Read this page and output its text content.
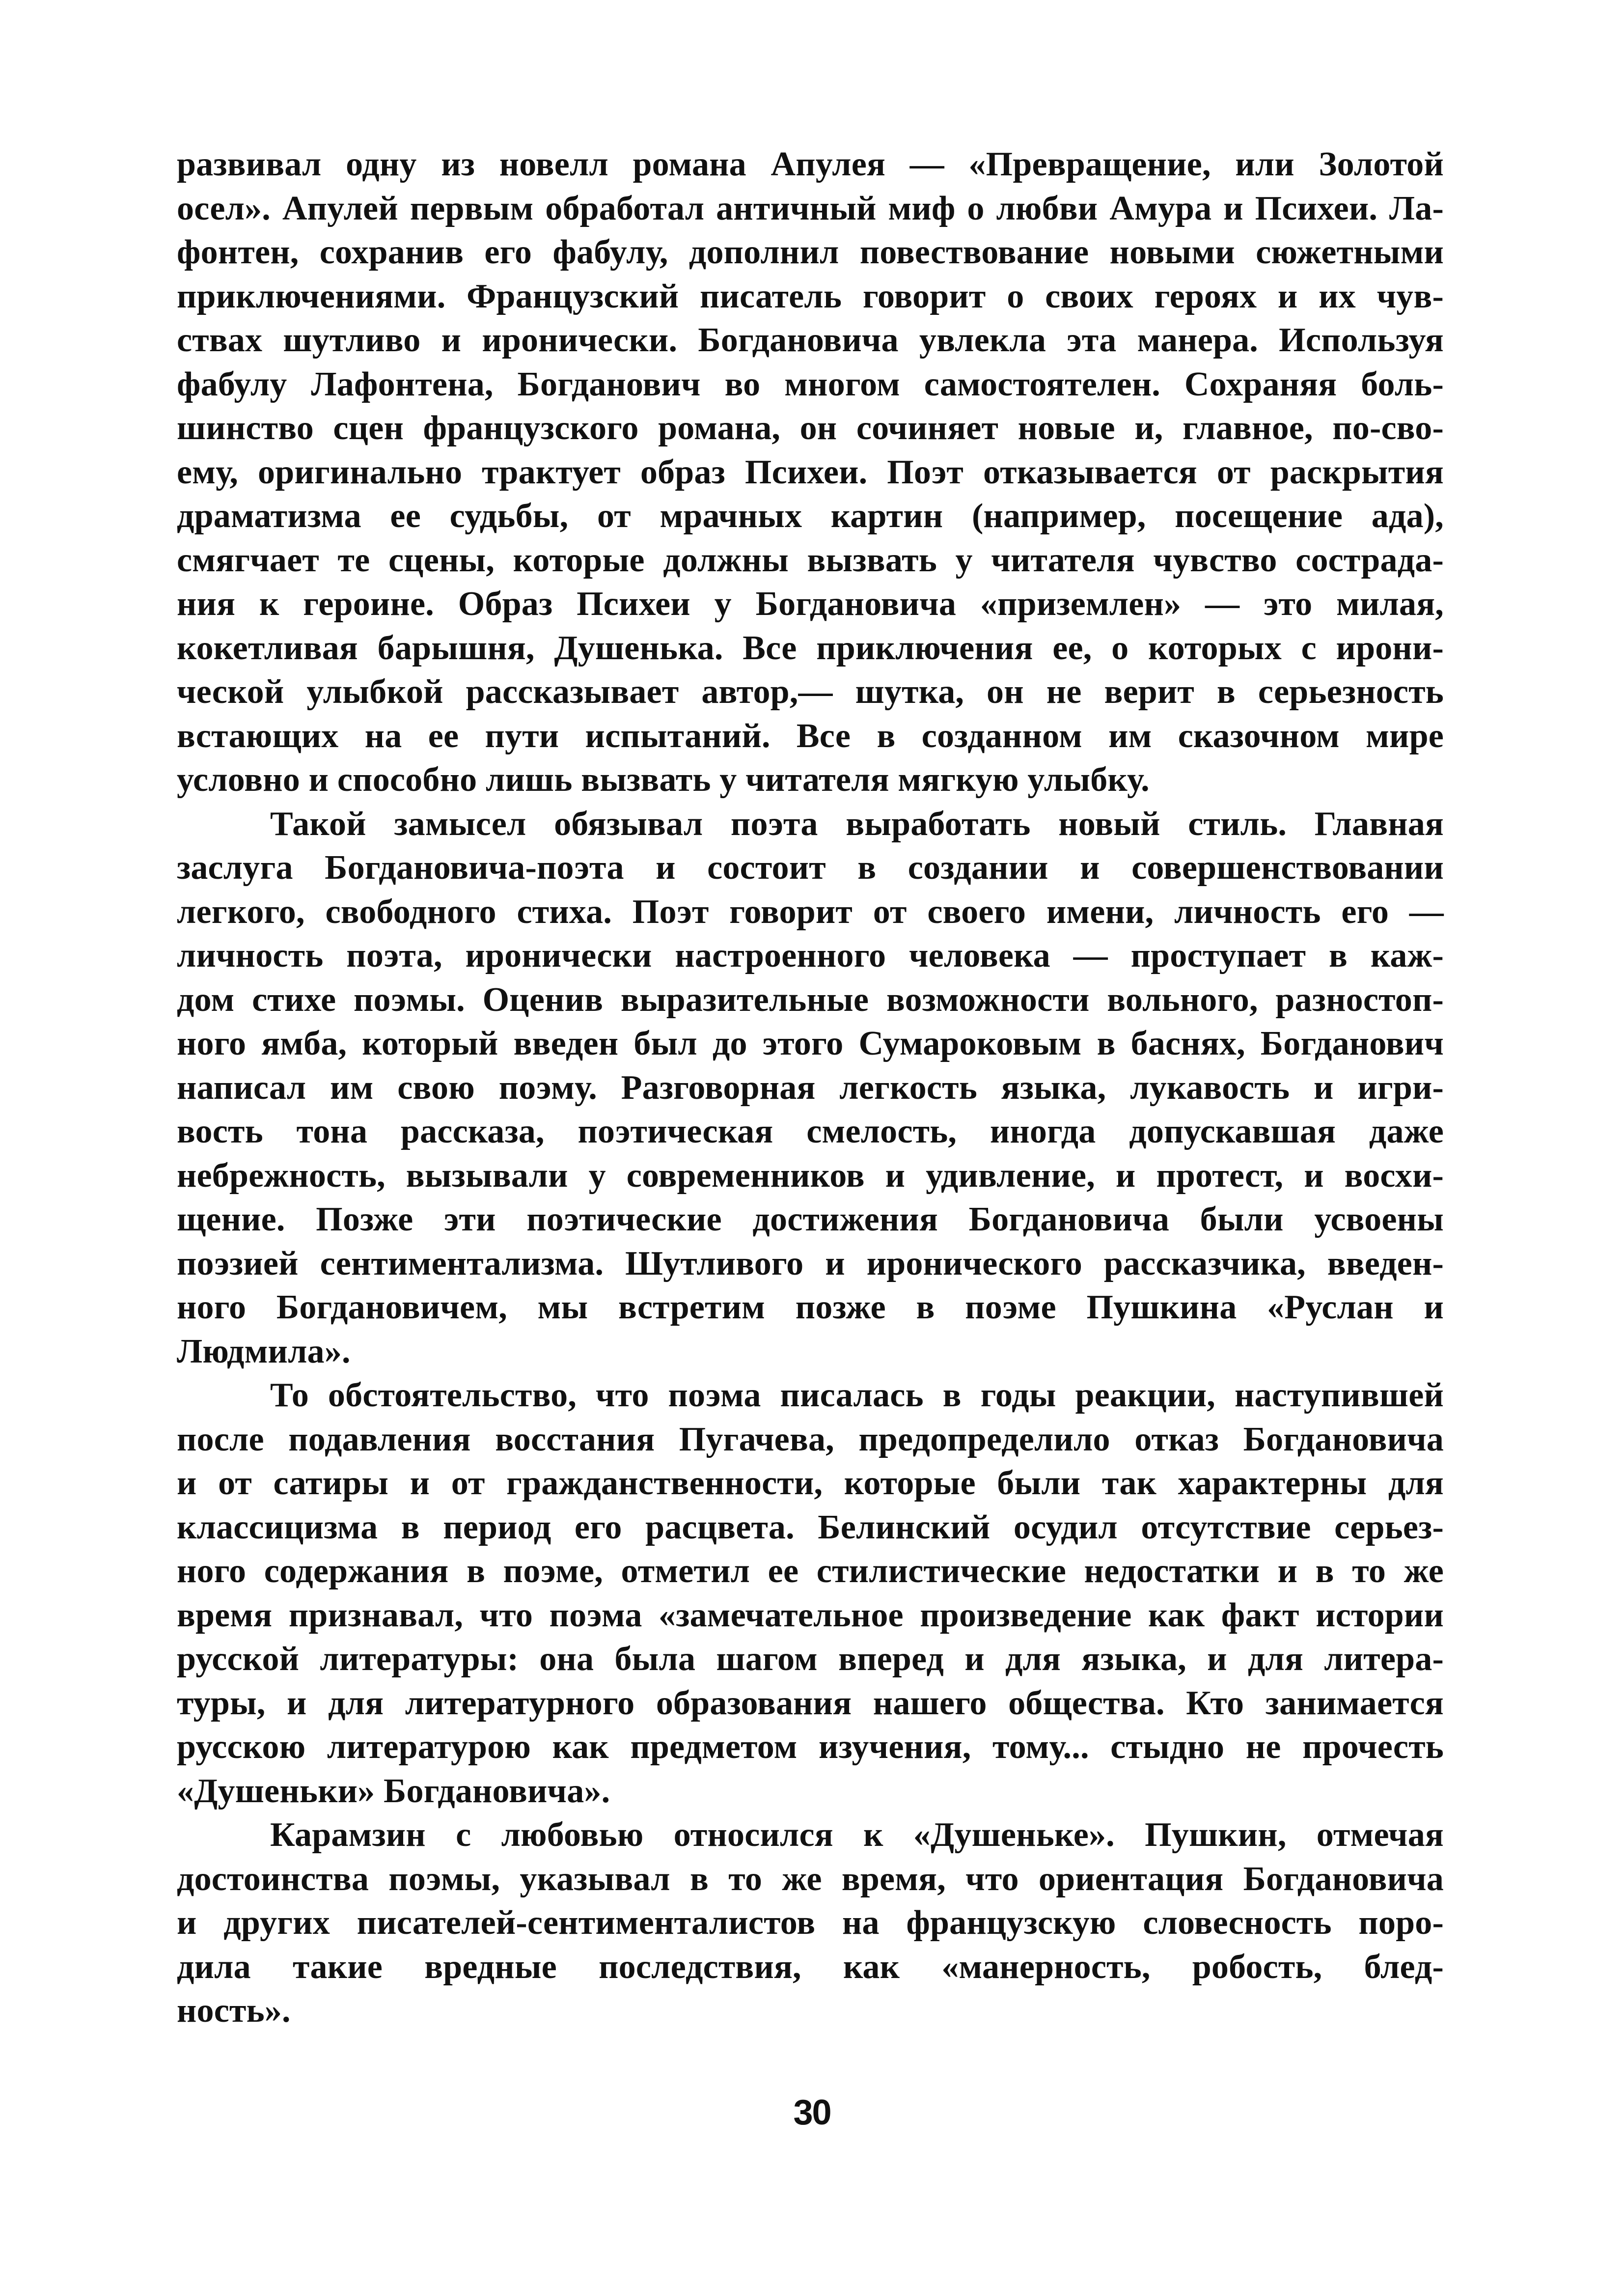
развивал одну из новелл романа Апулея — «Превращение, или Золотой
осел». Апулей первым обработал античный миф о любви Амура и Психеи. Ла-
фонтен, сохранив его фабулу, дополнил повествование новыми сюжетными
приключениями. Французский писатель говорит о своих героях и их чув-
ствах шутливо и иронически. Богдановича увлекла эта манера. Используя
фабулу Лафонтена, Богданович во многом самостоятелен. Сохраняя боль-
шинство сцен французского романа, он сочиняет новые и, главное, по-сво-
ему, оригинально трактует образ Психеи. Поэт отказывается от раскрытия
драматизма ее судьбы, от мрачных картин (например, посещение ада),
смягчает те сцены, которые должны вызвать у читателя чувство сострада-
ния к героине. Образ Психеи у Богдановича «приземлен» — это милая,
кокетливая барышня, Душенька. Все приключения ее, о которых с ирони-
ческой улыбкой рассказывает автор,— шутка, он не верит в серьезность
встающих на ее пути испытаний. Все в созданном им сказочном мире
условно и способно лишь вызвать у читателя мягкую улыбку.
Такой замысел обязывал поэта выработать новый стиль. Главная
заслуга Богдановича-поэта и состоит в создании и совершенствовании
легкого, свободного стиха. Поэт говорит от своего имени, личность его —
личность поэта, иронически настроенного человека — проступает в каж-
дом стихе поэмы. Оценив выразительные возможности вольного, разностоп-
ного ямба, который введен был до этого Сумароковым в баснях, Богданович
написал им свою поэму. Разговорная легкость языка, лукавость и игри-
вость тона рассказа, поэтическая смелость, иногда допускавшая даже
небрежность, вызывали у современников и удивление, и протест, и восхи-
щение. Позже эти поэтические достижения Богдановича были усвоены
поэзией сентиментализма. Шутливого и иронического рассказчика, введен-
ного Богдановичем, мы встретим позже в поэме Пушкина «Руслан и
Людмила».
То обстоятельство, что поэма писалась в годы реакции, наступившей
после подавления восстания Пугачева, предопределило отказ Богдановича
и от сатиры и от гражданственности, которые были так характерны для
классицизма в период его расцвета. Белинский осудил отсутствие серьез-
ного содержания в поэме, отметил ее стилистические недостатки и в то же
время признавал, что поэма «замечательное произведение как факт истории
русской литературы: она была шагом вперед и для языка, и для литера-
туры, и для литературного образования нашего общества. Кто занимается
русскою литературою как предметом изучения, тому... стыдно не прочесть
«Душеньки» Богдановича».
Карамзин с любовью относился к «Душеньке». Пушкин, отмечая
достоинства поэмы, указывал в то же время, что ориентация Богдановича
и других писателей-сентименталистов на французскую словесность поро-
дила такие вредные последствия, как «манерность, робость, блед-
ность».
30
